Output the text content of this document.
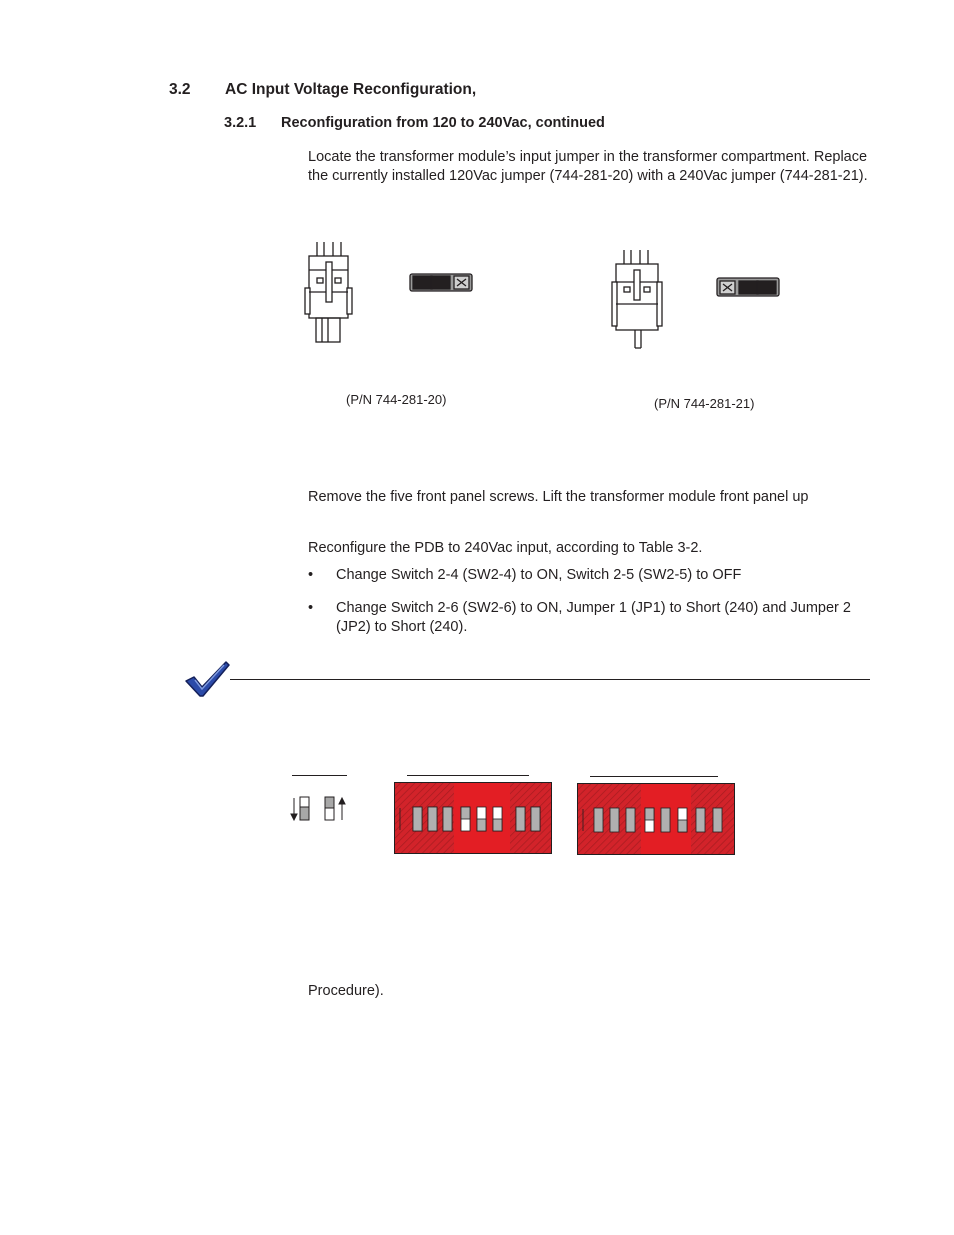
3.2 AC Input Voltage Reconfiguration,
3.2.1 Reconfiguration from 120 to 240Vac, continued
Locate the transformer module’s input jumper in the transformer compartment. Replace the currently installed 120Vac jumper (744-281-20) with a 240Vac jumper (744-281-21).
(P/N 744-281-20)	(P/N 744-281-21)
Remove the five front panel screws. Lift the transformer module front panel up
Reconfigure the PDB to 240Vac input, according to Table 3-2.
• Change Switch 2-4 (SW2-4) to ON, Switch 2-5 (SW2-5) to OFF
• Change Switch 2-6 (SW2-6) to ON, Jumper 1 (JP1) to Short (240) and Jumper 2 (JP2) to Short (240).
Procedure).
